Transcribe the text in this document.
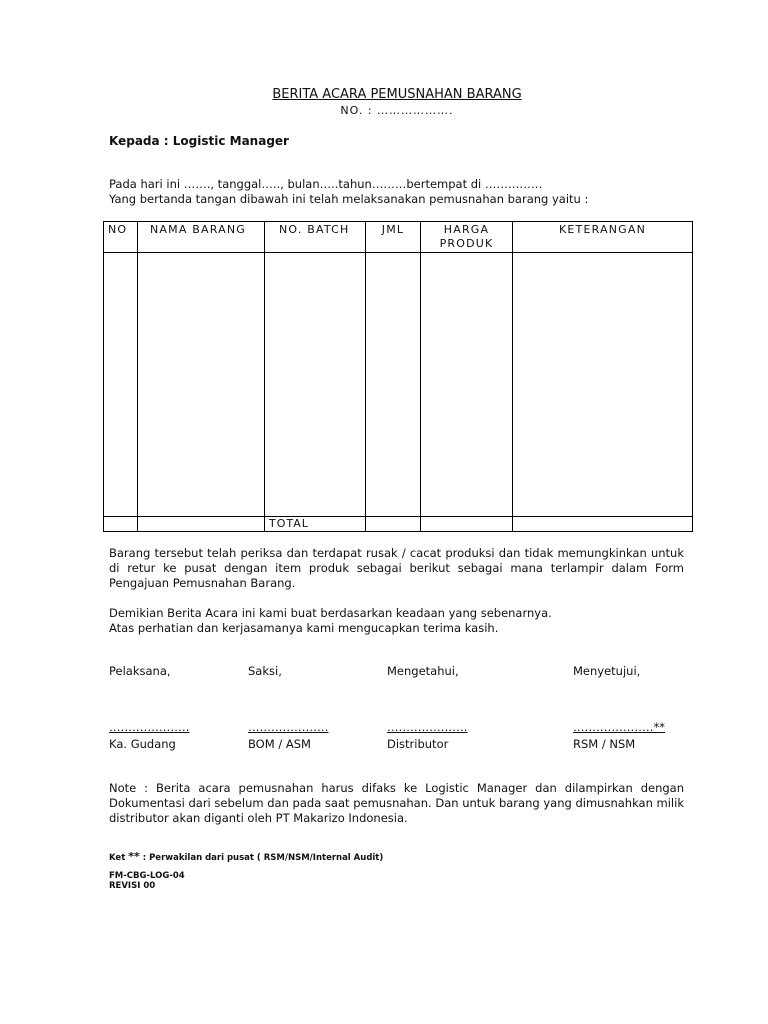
BERITA ACARA PEMUSNAHAN BARANG
NO. : ……………….
Kepada : Logistic Manager
Pada hari ini ……., tanggal….., bulan…..tahun………bertempat di ……………
Yang bertanda tangan dibawah ini telah melaksanakan pemusnahan barang yaitu :
NO	NAMA BARANG	NO. BATCH	JML	HARGA PRODUK	KETERANGAN

		TOTAL			

Barang tersebut telah periksa dan terdapat rusak / cacat produksi dan tidak memungkinkan untuk di retur ke pusat dengan item produk sebagai berikut sebagai mana terlampir dalam Form Pengajuan Pemusnahan Barang.

Demikian Berita Acara ini kami buat berdasarkan keadaan yang sebenarnya.

Atas perhatian dan kerjasamanya kami mengucapkan terima kasih.

Pelaksana,	Saksi,	Mengetahui,	Menyetujui,
…………………	…………………	…………………	…………………**
Ka. Gudang	BOM / ASM	Distributor	RSM / NSM
Note : Berita acara pemusnahan harus difaks ke Logistic Manager dan dilampirkan dengan Dokumentasi dari sebelum dan pada saat pemusnahan. Dan untuk barang yang dimusnahkan milik distributor akan diganti oleh PT Makarizo Indonesia.
Ket ** : Perwakilan dari pusat ( RSM/NSM/Internal Audit)
FM-CBG-LOG-04
REVISI 00
